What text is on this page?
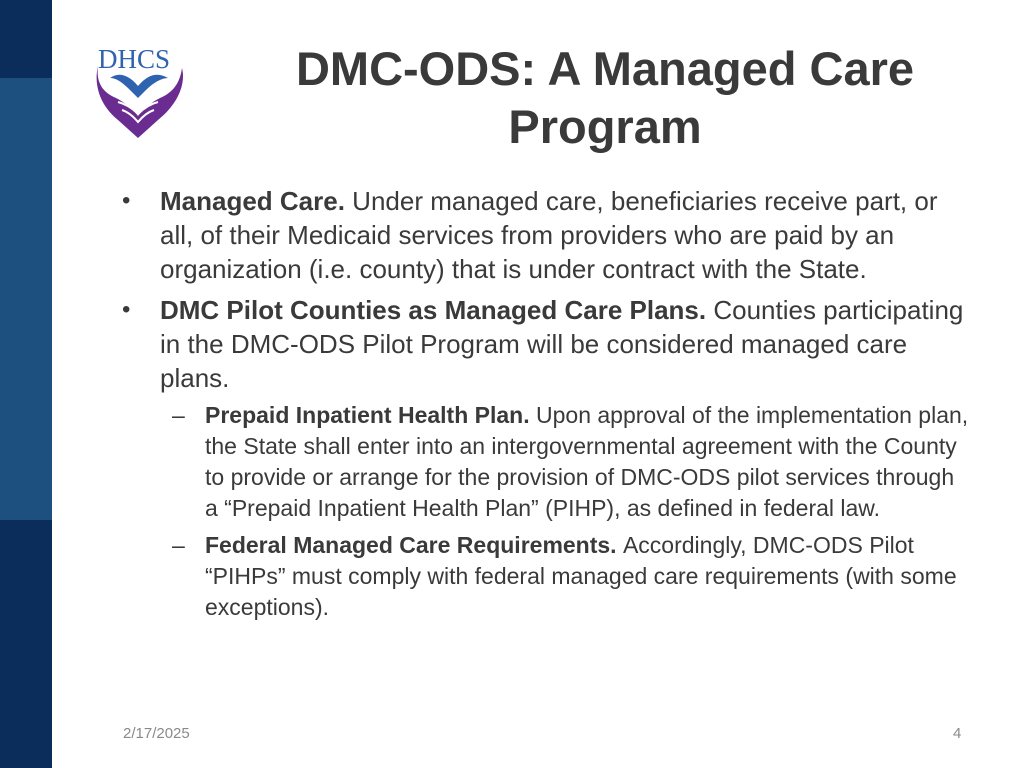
DHCS	DMC-ODS: A Managed Care Program
• Managed Care. Under managed care, beneficiaries receive part, or all, of their Medicaid services from providers who are paid by an organization (i.e. county) that is under contract with the State.
• DMC Pilot Counties as Managed Care Plans. Counties participating in the DMC-ODS Pilot Program will be considered managed care plans.
– Prepaid Inpatient Health Plan. Upon approval of the implementation plan, the State shall enter into an intergovernmental agreement with the County to provide or arrange for the provision of DMC-ODS pilot services through a “Prepaid Inpatient Health Plan” (PIHP), as defined in federal law.
– Federal Managed Care Requirements. Accordingly, DMC-ODS Pilot “PIHPs” must comply with federal managed care requirements (with some exceptions).
2/17/2025	4
